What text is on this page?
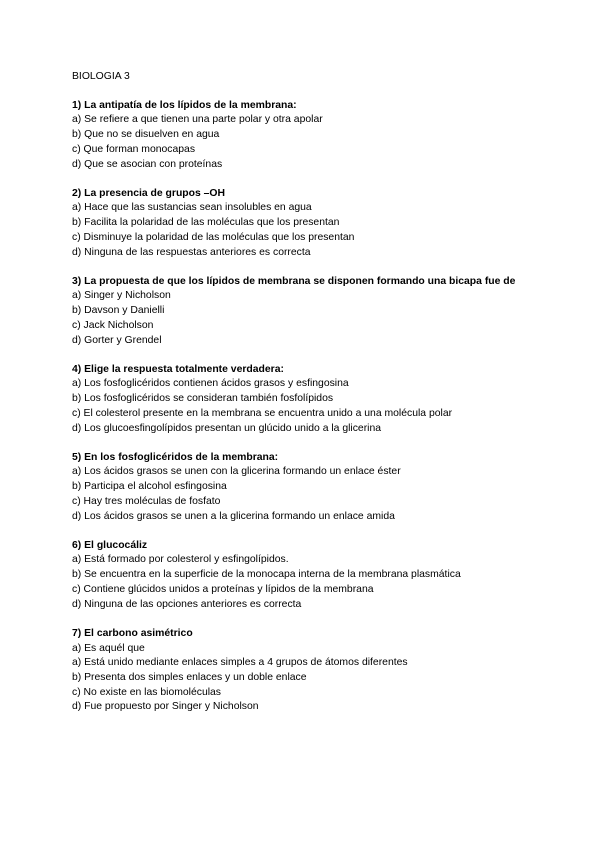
BIOLOGIA 3

1) La antipatía de los lípidos de la membrana:

a) Se refiere a que tienen una parte polar y otra apolar

b) Que no se disuelven en agua

c) Que forman monocapas

d) Que se asocian con proteínas

2) La presencia de grupos –OH

a) Hace que las sustancias sean insolubles en agua

b) Facilita la polaridad de las moléculas que los presentan

c) Disminuye la polaridad de las moléculas que los presentan

d) Ninguna de las respuestas anteriores es correcta

3) La propuesta de que los lípidos de membrana se disponen formando una bicapa fue de

a) Singer y Nicholson

b) Davson y Danielli

c) Jack Nicholson

d) Gorter y Grendel

4) Elige la respuesta totalmente verdadera:

a) Los fosfoglicéridos contienen ácidos grasos y esfingosina

b) Los fosfoglicéridos se consideran también fosfolípidos

c) El colesterol presente en la membrana se encuentra unido a una molécula polar

d) Los glucoesfingolípidos presentan un glúcido unido a la glicerina

5) En los fosfoglicéridos de la membrana:

a) Los ácidos grasos se unen con la glicerina formando un enlace éster

b) Participa el alcohol esfingosina

c) Hay tres moléculas de fosfato

d) Los ácidos grasos se unen a la glicerina formando un enlace amida

6) El glucocáliz

a) Está formado por colesterol y esfingolípidos.

b) Se encuentra en la superficie de la monocapa interna de la membrana plasmática

c) Contiene glúcidos unidos a proteínas y lípidos de la membrana

d) Ninguna de las opciones anteriores es correcta

7) El carbono asimétrico

a) Es aquél que

a) Está unido mediante enlaces simples a 4 grupos de átomos diferentes

b) Presenta dos simples enlaces y un doble enlace

c) No existe en las biomoléculas

d) Fue propuesto por Singer y Nicholson
